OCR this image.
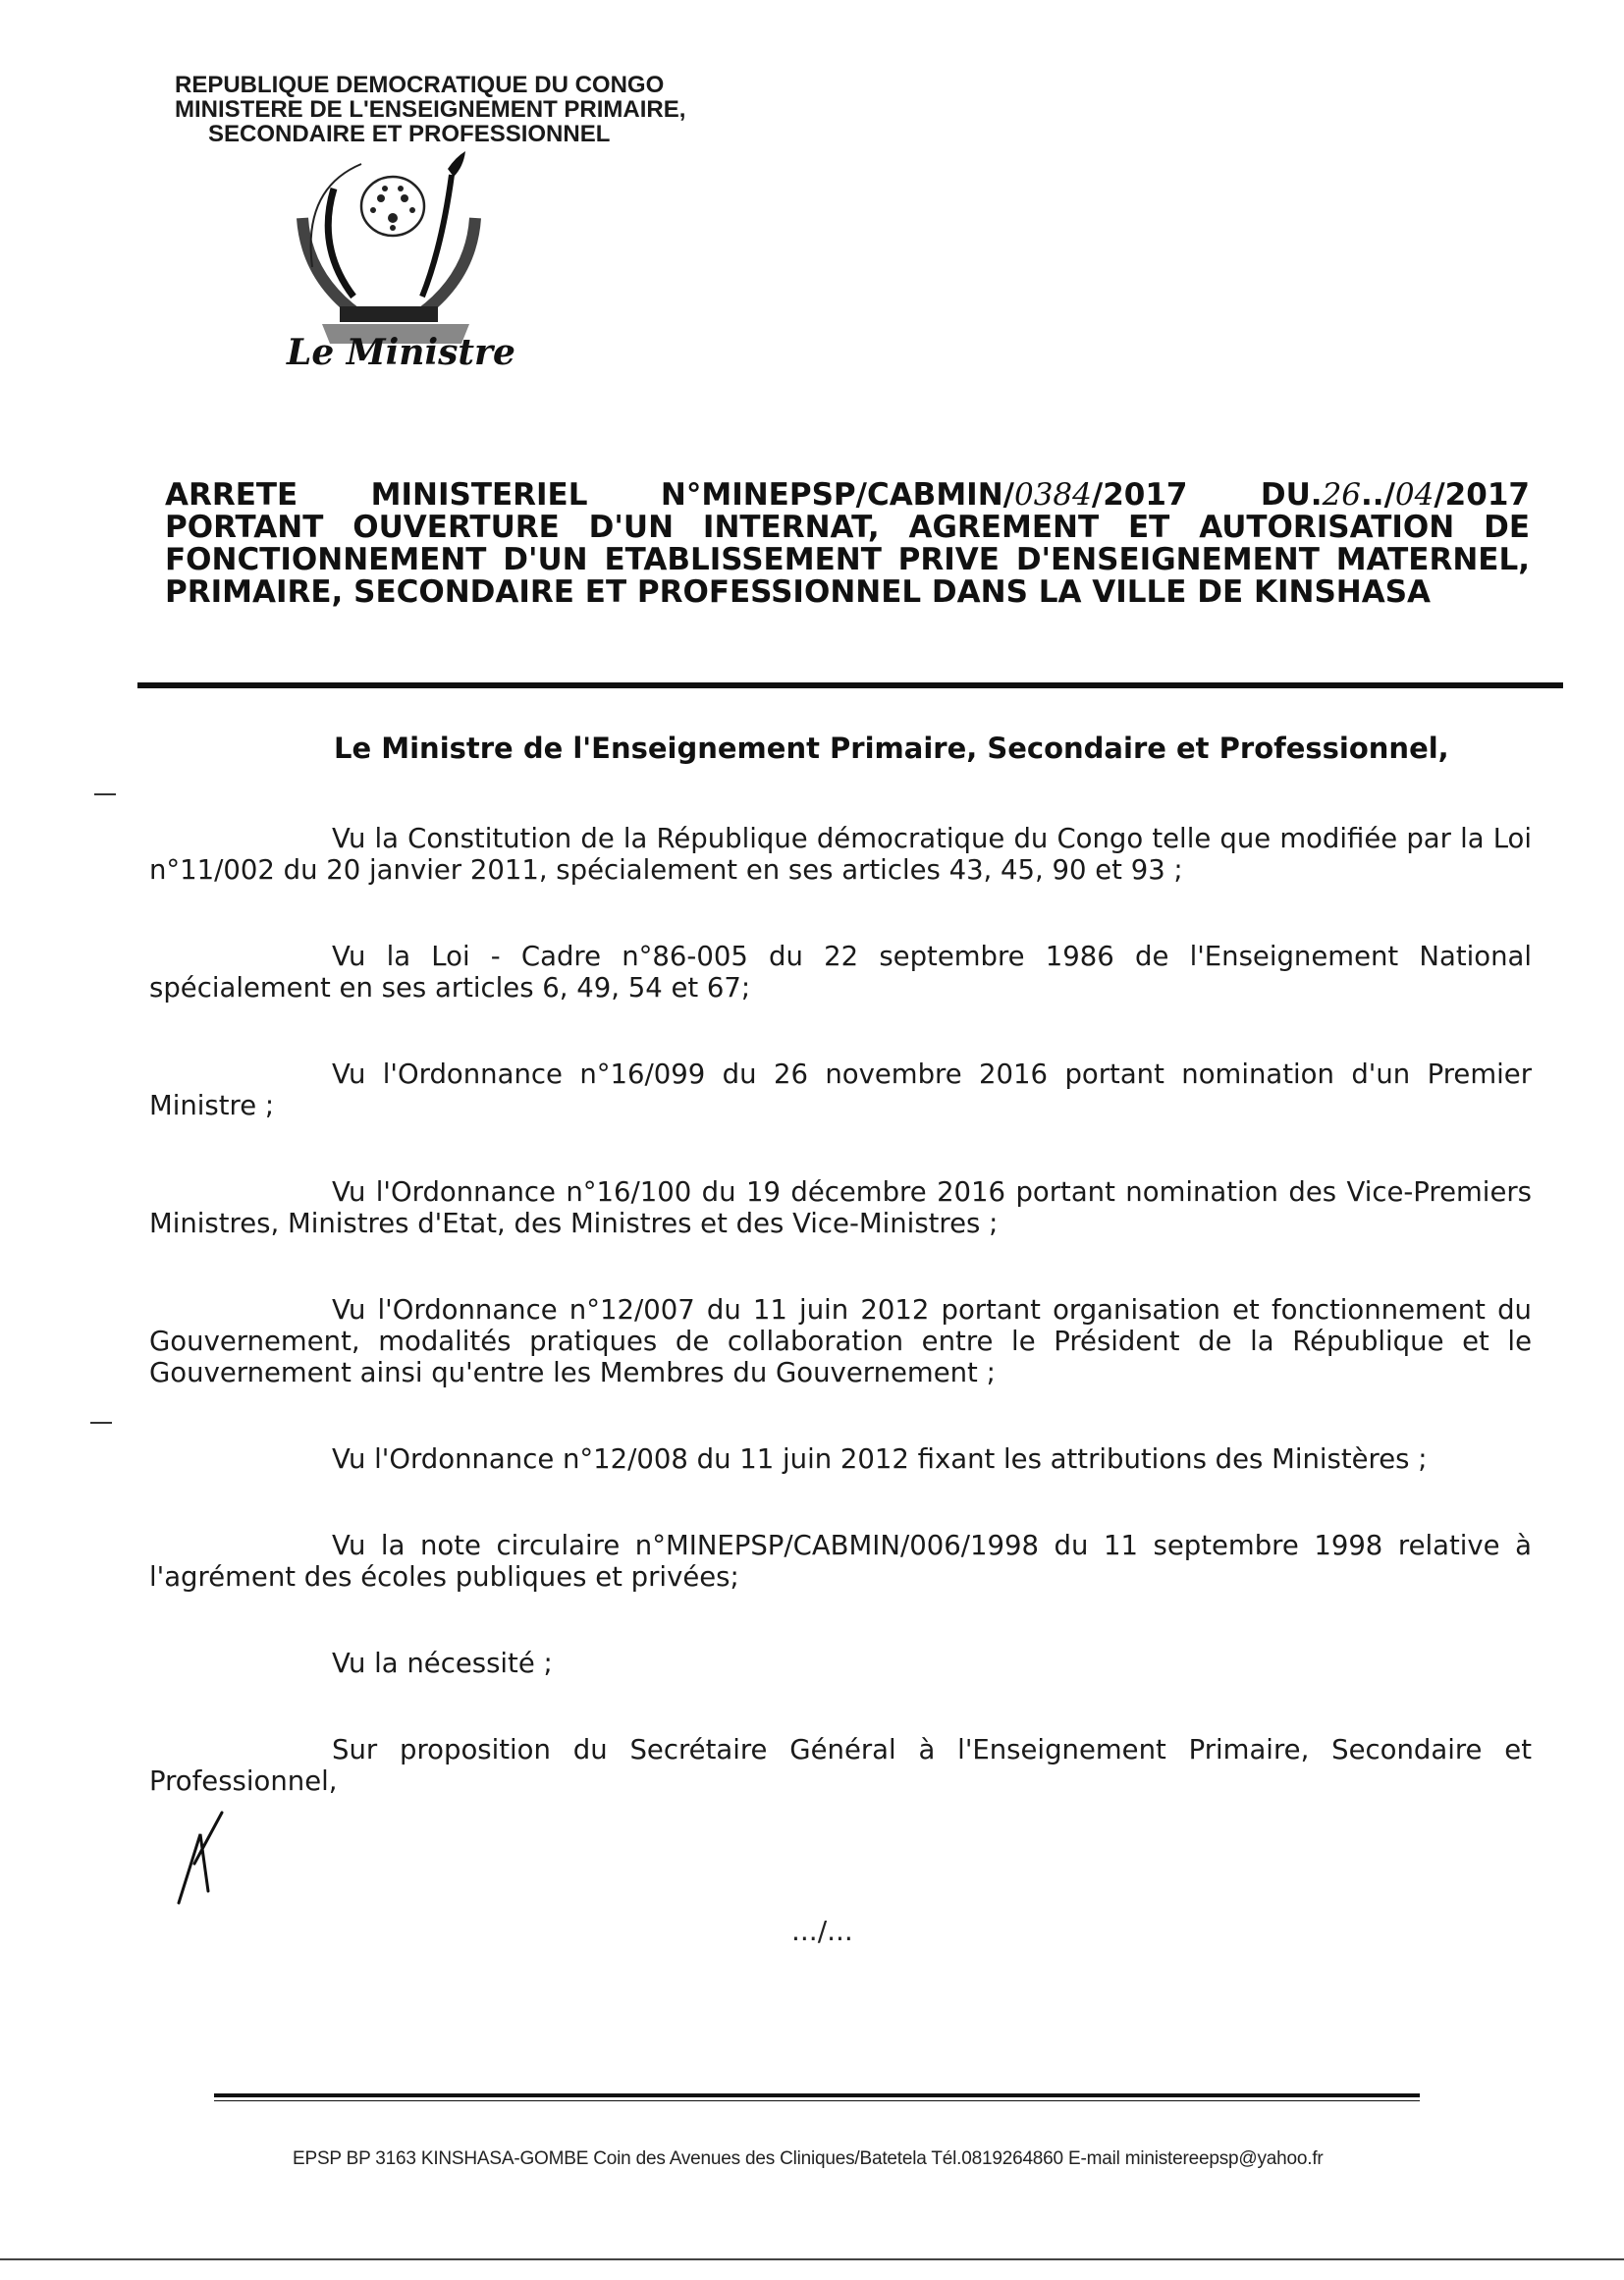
REPUBLIQUE DEMOCRATIQUE DU CONGO
MINISTERE DE L'ENSEIGNEMENT PRIMAIRE,
SECONDAIRE ET PROFESSIONNEL
Le Ministre
ARRETE MINISTERIEL N°MINEPSP/CABMIN/0384/2017 DU.26../04/2017
PORTANT OUVERTURE D'UN INTERNAT, AGREMENT ET AUTORISATION DE FONCTIONNEMENT D'UN ETABLISSEMENT PRIVE D'ENSEIGNEMENT MATERNEL, PRIMAIRE, SECONDAIRE ET PROFESSIONNEL DANS LA VILLE DE KINSHASA
Le Ministre de l'Enseignement Primaire, Secondaire et Professionnel,

Vu la Constitution de la République démocratique du Congo telle que modifiée par la Loi n°11/002 du 20 janvier 2011, spécialement en ses articles 43, 45, 90 et 93 ;

Vu la Loi - Cadre n°86-005 du 22 septembre 1986 de l'Enseignement National spécialement en ses articles 6, 49, 54 et 67;

Vu l'Ordonnance n°16/099 du 26 novembre 2016 portant nomination d'un Premier Ministre ;

Vu l'Ordonnance n°16/100 du 19 décembre 2016 portant nomination des Vice-Premiers Ministres, Ministres d'Etat, des Ministres et des Vice-Ministres ;

Vu l'Ordonnance n°12/007 du 11 juin 2012 portant organisation et fonctionnement du Gouvernement, modalités pratiques de collaboration entre le Président de la République et le Gouvernement ainsi qu'entre les Membres du Gouvernement ;

Vu l'Ordonnance n°12/008 du 11 juin 2012 fixant les attributions des Ministères ;

Vu la note circulaire n°MINEPSP/CABMIN/006/1998 du 11 septembre 1998 relative à l'agrément des écoles publiques et privées;

Vu la nécessité ;

Sur proposition du Secrétaire Général à l'Enseignement Primaire, Secondaire et Professionnel,

.../...
EPSP BP 3163 KINSHASA-GOMBE Coin des Avenues des Cliniques/Batetela Tél.0819264860 E-mail ministereepsp@yahoo.fr
